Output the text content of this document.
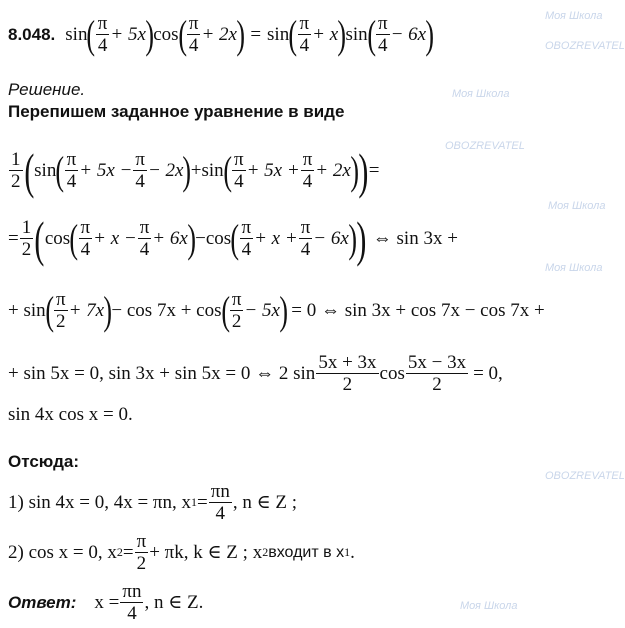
Моя Школа
OBOZREVATEL
Моя Школа
OBOZREVATEL
Моя Школа
Моя Школа
OBOZREVATEL
Моя Школа
8.048. sin ( $\frac{\pi}{4} + 5x$ ) cos ( $\frac{\pi}{4} + 2x$ ) = sin ( $\frac{\pi}{4} + x$ ) sin ( $\frac{\pi}{4} - 6x$ )
Решение.
Перепишем заданное уравнение в виде
$\frac{1}{2}$ ( sin ( $\frac{\pi}{4} + 5x - \frac{\pi}{4} - 2x$ ) + sin ( $\frac{\pi}{4} + 5x + \frac{\pi}{4} + 2x$ ) ) =
= $\frac{1}{2}$ ( cos ( $\frac{\pi}{4} + x - \frac{\pi}{4} + 6x$ ) − cos ( $\frac{\pi}{4} + x + \frac{\pi}{4} - 6x$ ) ) ⇔ sin 3x +
+ sin ( $\frac{\pi}{2} + 7x$ ) − cos 7x + cos ( $\frac{\pi}{2} - 5x$ ) = 0 ⇔ sin 3x + cos 7x − cos 7x +
+ sin 5x = 0, sin 3x + sin 5x = 0 ⇔ 2 $\sin \frac{5x + 3x}{2}$ $\cos \frac{5x - 3x}{2} = 0$,
sin 4x cos x = 0.
Отсюда:
1) sin 4x = 0, 4x = πn, x $1 = \frac{\pi n}{4}$ , n ∈ Z ;
2) cos x = 0, x $2 = \frac{\pi}{2} + \pi k$, k ∈ Z ; x 2 входит в x 1 .
Ответ: $x = \frac{\pi n}{4}$ , n ∈ Z.
